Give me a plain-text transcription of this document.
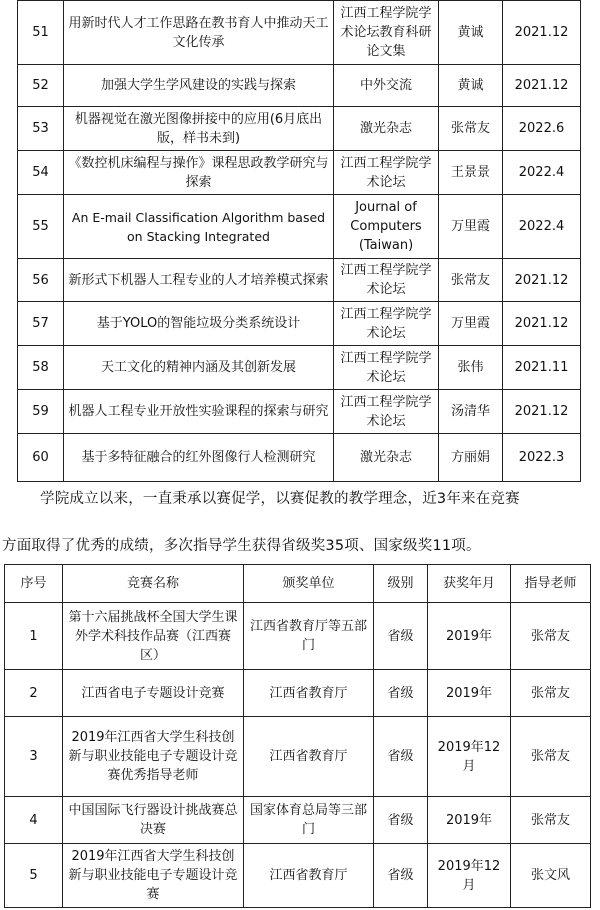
51	用新时代人才工作思路在教书育人中推动天工文化传承	江西工程学院学术论坛教育科研论文集	黄诚	2021.12
52	加强大学生学风建设的实践与探索	中外交流	黄诚	2021.12
53	机器视觉在激光图像拼接中的应用(6月底出版，样书未到)	激光杂志	张常友	2022.6
54	《数控机床编程与操作》课程思政教学研究与探索	江西工程学院学术论坛	王景景	2022.4
55	An E-mail Classification Algorithm based on Stacking Integrated	Journal of Computers (Taiwan)	万里霞	2022.4
56	新形式下机器人工程专业的人才培养模式探索	江西工程学院学术论坛	张常友	2021.12
57	基于YOLO的智能垃圾分类系统设计	江西工程学院学术论坛	万里霞	2021.12
58	天工文化的精神内涵及其创新发展	江西工程学院学术论坛	张伟	2021.11
59	机器人工程专业开放性实验课程的探索与研究	江西工程学院学术论坛	汤清华	2021.12
60	基于多特征融合的红外图像行人检测研究	激光杂志	方丽娟	2022.3
学院成立以来，一直秉承以赛促学，以赛促教的教学理念，近3年来在竞赛
方面取得了优秀的成绩，多次指导学生获得省级奖35项、国家级奖11项。
序号	竞赛名称	颁奖单位	级别	获奖年月	指导老师
1	第十六届挑战杯全国大学生课外学术科技作品赛（江西赛区）	江西省教育厅等五部门	省级	2019年	张常友
2	江西省电子专题设计竞赛	江西省教育厅	省级	2019年	张常友
3	2019年江西省大学生科技创新与职业技能电子专题设计竞赛优秀指导老师	江西省教育厅	省级	2019年12月	张常友
4	中国国际飞行器设计挑战赛总决赛	国家体育总局等三部门	省级	2019年	张常友
5	2019年江西省大学生科技创新与职业技能电子专题设计竞赛	江西省教育厅	省级	2019年12月	张文风
